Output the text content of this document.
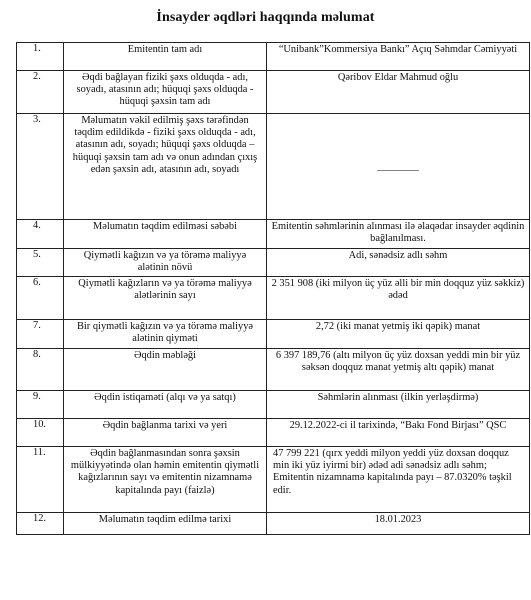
İnsayder əqdləri haqqında məlumat
1.	Emitentin tam adı	“Unibank”Kommersiya Bankı” Açıq Səhmdar Cəmiyyəti
2.	Əqdi bağlayan fiziki şəxs olduqda - adı, soyadı, atasının adı; hüquqi şəxs olduqda - hüquqi şəxsin tam adı	Qəribov Eldar Mahmud oğlu
3.	Məlumatın vəkil edilmiş şəxs tərəfindən təqdim edildikdə - fiziki şəxs olduqda - adı, atasının adı, soyadı; hüquqi şəxs olduqda – hüquqi şəxsin tam adı və onun adından çıxış edən şəxsin adı, atasının adı, soyadı	————
4.	Məlumatın təqdim edilməsi səbəbi	Emitentin səhmlərinin alınması ilə əlaqədar insayder əqdinin bağlanılması.
5.	Qiymətli kağızın və ya törəmə maliyyə alətinin növü	Adi, sənədsiz adlı səhm
6.	Qiymətli kağızların və ya törəmə maliyyə alətlərinin sayı	2 351 908 (iki milyon üç yüz əlli bir min doqquz yüz səkkiz) ədəd
7.	Bir qiymətli kağızın və ya törəmə maliyyə alətinin qiyməti	2,72 (iki manat yetmiş iki qəpik) manat
8.	Əqdin məbləği	6 397 189,76 (altı milyon üç yüz doxsan yeddi min bir yüz səksən doqquz manat yetmiş altı qəpik) manat
9.	Əqdin istiqaməti (alqı və ya satqı)	Səhmlərin alınması (ilkin yerləşdirmə)
10.	Əqdin bağlanma tarixi və yeri	29.12.2022-ci il tarixində, “Bakı Fond Birjası” QSC
11.	Əqdin bağlanmasından sonra şəxsin mülkiyyətində olan həmin emitentin qiymətli kağızlarının sayı və emitentin nizamnamə kapitalında payı (faizlə)	47 799 221 (qırx yeddi milyon yeddi yüz doxsan doqquz min iki yüz iyirmi bir) ədəd adi sənədsiz adlı səhm; Emitentin nizamnamə kapitalında payı – 87.0320% təşkil edir.
12.	Məlumatın təqdim edilmə tarixi	18.01.2023
